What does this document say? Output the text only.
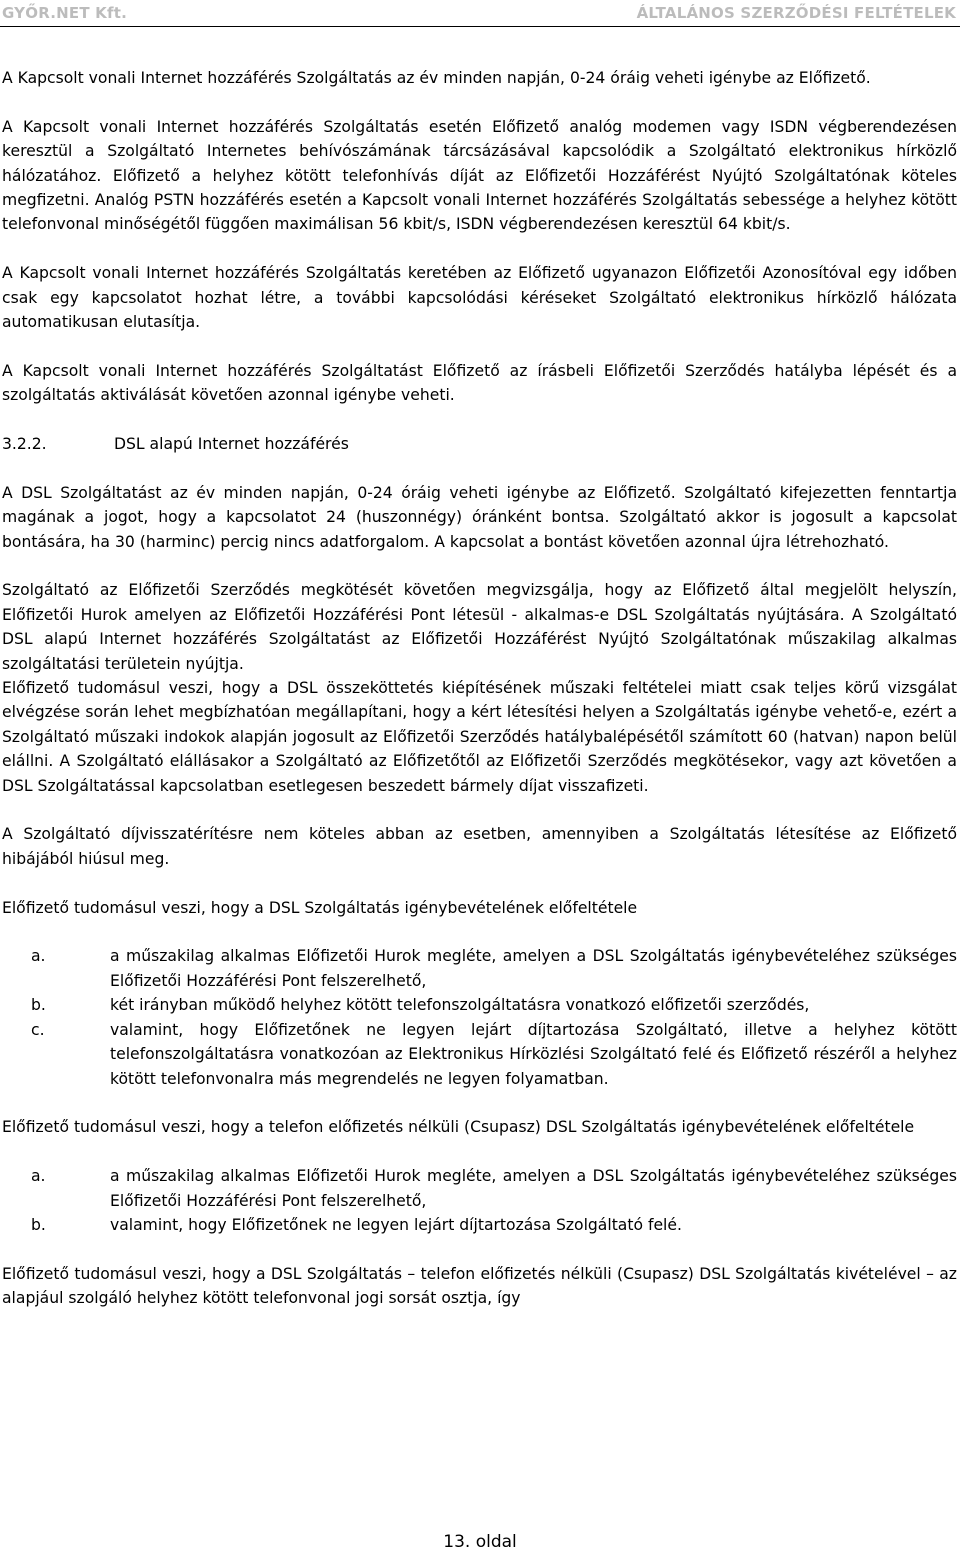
GYŐR.NET Kft.	ÁLTALÁNOS SZERZŐDÉSI FELTÉTELEK

A Kapcsolt vonali Internet hozzáférés Szolgáltatás az év minden napján, 0-24 óráig veheti igénybe az Előfizető.

A Kapcsolt vonali Internet hozzáférés Szolgáltatás esetén Előfizető analóg modemen vagy ISDN végberendezésen keresztül a Szolgáltató Internetes behívószámának tárcsázásával kapcsolódik a Szolgáltató elektronikus hírközlő hálózatához. Előfizető a helyhez kötött telefonhívás díját az Előfizetői Hozzáférést Nyújtó Szolgáltatónak köteles megfizetni. Analóg PSTN hozzáférés esetén a Kapcsolt vonali Internet hozzáférés Szolgáltatás sebessége a helyhez kötött telefonvonal minőségétől függően maximálisan 56 kbit/s, ISDN végberendezésen keresztül 64 kbit/s.

A Kapcsolt vonali Internet hozzáférés Szolgáltatás keretében az Előfizető ugyanazon Előfizetői Azonosítóval egy időben csak egy kapcsolatot hozhat létre, a további kapcsolódási kéréseket Szolgáltató elektronikus hírközlő hálózata automatikusan elutasítja.

A Kapcsolt vonali Internet hozzáférés Szolgáltatást Előfizető az írásbeli Előfizetői Szerződés hatályba lépését és a szolgáltatás aktiválását követően azonnal igénybe veheti.

3.2.2.	DSL alapú Internet hozzáférés

A DSL Szolgáltatást az év minden napján, 0-24 óráig veheti igénybe az Előfizető. Szolgáltató kifejezetten fenntartja magának a jogot, hogy a kapcsolatot 24 (huszonnégy) óránként bontsa. Szolgáltató akkor is jogosult a kapcsolat bontására, ha 30 (harminc) percig nincs adatforgalom. A kapcsolat a bontást követően azonnal újra létrehozható.

Szolgáltató az Előfizetői Szerződés megkötését követően megvizsgálja, hogy az Előfizető által megjelölt helyszín, Előfizetői Hurok amelyen az Előfizetői Hozzáférési Pont létesül - alkalmas-e DSL Szolgáltatás nyújtására. A Szolgáltató DSL alapú Internet hozzáférés Szolgáltatást az Előfizetői Hozzáférést Nyújtó Szolgáltatónak műszakilag alkalmas szolgáltatási területein nyújtja.

Előfizető tudomásul veszi, hogy a DSL összeköttetés kiépítésének műszaki feltételei miatt csak teljes körű vizsgálat elvégzése során lehet megbízhatóan megállapítani, hogy a kért létesítési helyen a Szolgáltatás igénybe vehető-e, ezért a Szolgáltató műszaki indokok alapján jogosult az Előfizetői Szerződés hatálybalépésétől számított 60 (hatvan) napon belül elállni. A Szolgáltató elállásakor a Szolgáltató az Előfizetőtől az Előfizetői Szerződés megkötésekor, vagy azt követően a DSL Szolgáltatással kapcsolatban esetlegesen beszedett bármely díjat visszafizeti.

A Szolgáltató díjvisszatérítésre nem köteles abban az esetben, amennyiben a Szolgáltatás létesítése az Előfizető hibájából hiúsul meg.

Előfizető tudomásul veszi, hogy a DSL Szolgáltatás igénybevételének előfeltétele

a.	a műszakilag alkalmas Előfizetői Hurok megléte, amelyen a DSL Szolgáltatás igénybevételéhez szükséges Előfizetői Hozzáférési Pont felszerelhető,
b.	két irányban működő helyhez kötött telefonszolgáltatásra vonatkozó előfizetői szerződés,
c.	valamint, hogy Előfizetőnek ne legyen lejárt díjtartozása Szolgáltató, illetve a helyhez kötött telefonszolgáltatásra vonatkozóan az Elektronikus Hírközlési Szolgáltató felé és Előfizető részéről a helyhez kötött telefonvonalra más megrendelés ne legyen folyamatban.

Előfizető tudomásul veszi, hogy a telefon előfizetés nélküli (Csupasz) DSL Szolgáltatás igénybevételének előfeltétele

a.	a műszakilag alkalmas Előfizetői Hurok megléte, amelyen a DSL Szolgáltatás igénybevételéhez szükséges Előfizetői Hozzáférési Pont felszerelhető,
b.	valamint, hogy Előfizetőnek ne legyen lejárt díjtartozása Szolgáltató felé.

Előfizető tudomásul veszi, hogy a DSL Szolgáltatás – telefon előfizetés nélküli (Csupasz) DSL Szolgáltatás kivételével – az alapjául szolgáló helyhez kötött telefonvonal jogi sorsát osztja, így

13. oldal
